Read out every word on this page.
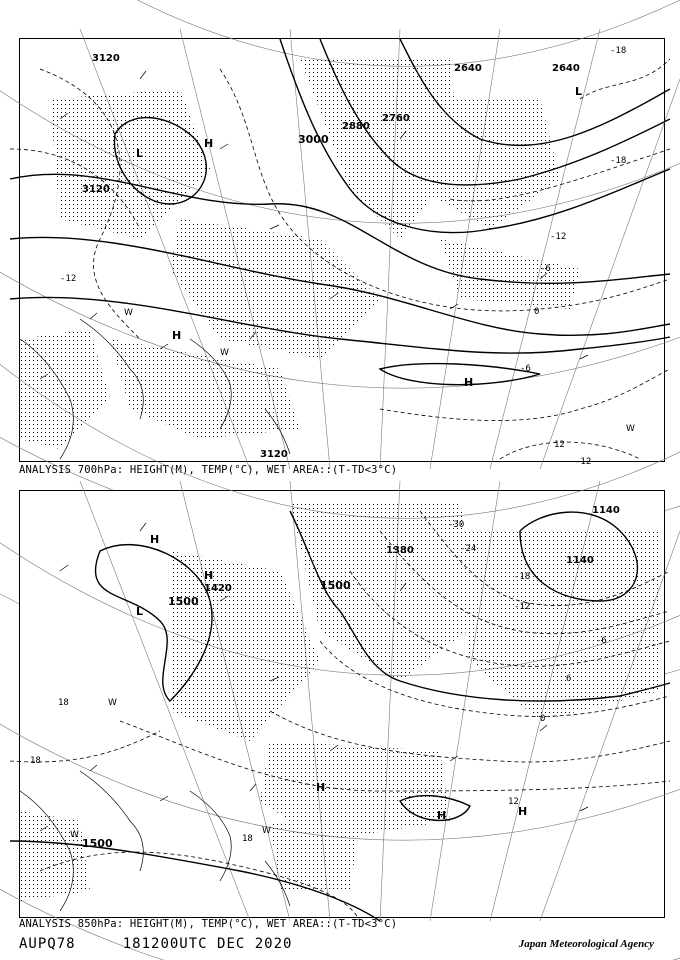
3120
3120
3000
2880
2760
2640	2640
3120
-18
-18
-12
-12
-6
0
-6
12
-12
L
H
L
H
H
W
W
W
ANALYSIS 700hPa: HEIGHT(M), TEMP(°C), WET AREA::(T-TD<3°C)
1500
1420	1500
1380
1140
1140
1500
-30
-24
-18
-12
-6
0
6
12
18
18
18
H
H
L
H
H	H
W
W
W
ANALYSIS 850hPa: HEIGHT(M), TEMP(°C), WET AREA::(T-TD<3°C)
AUPQ78	181200UTC DEC 2020	Japan Meteorological Agency
